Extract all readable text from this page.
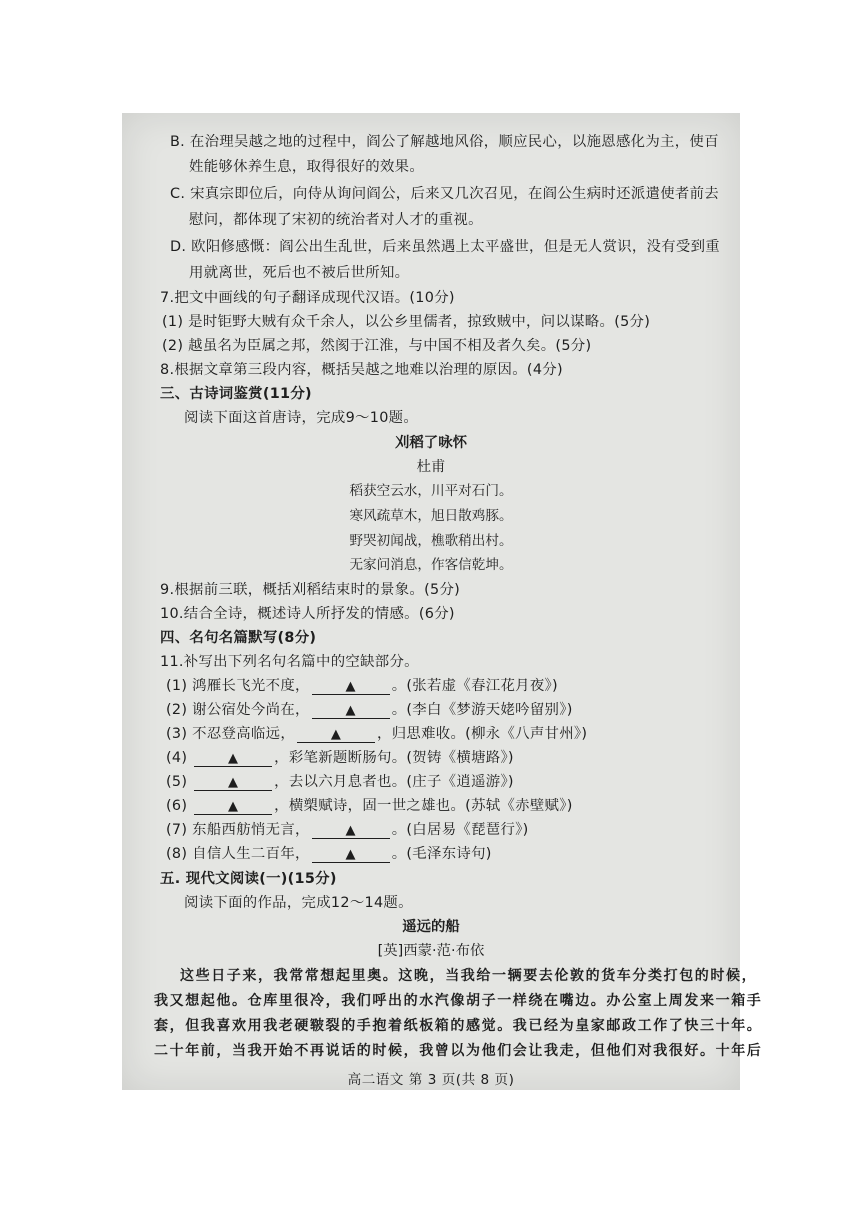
B. 在治理吴越之地的过程中，阎公了解越地风俗，顺应民心，以施恩感化为主，使百
姓能够休养生息，取得很好的效果。
C. 宋真宗即位后，向侍从询问阎公，后来又几次召见，在阎公生病时还派遣使者前去
慰问，都体现了宋初的统治者对人才的重视。
D. 欧阳修感慨：阎公出生乱世，后来虽然遇上太平盛世，但是无人赏识，没有受到重
用就离世，死后也不被后世所知。
7.把文中画线的句子翻译成现代汉语。(10分)
(1) 是时钜野大贼有众千余人，以公乡里儒者，掠致贼中，问以谋略。(5分)
(2) 越虽名为臣属之邦，然阂于江淮，与中国不相及者久矣。(5分)
8.根据文章第三段内容，概括吴越之地难以治理的原因。(4分)
三、古诗词鉴赏(11分)
阅读下面这首唐诗，完成9～10题。
刈稻了咏怀
杜甫
稻获空云水，川平对石门。
寒风疏草木，旭日散鸡豚。
野哭初闻战，樵歌稍出村。
无家问消息，作客信乾坤。
9.根据前三联，概括刈稻结束时的景象。(5分)
10.结合全诗，概述诗人所抒发的情感。(6分)
四、名句名篇默写(8分)
11.补写出下列名句名篇中的空缺部分。
(1) 鸿雁长飞光不度，	▲ 。(张若虚《春江花月夜》)
(2) 谢公宿处今尚在，	▲ 。(李白《梦游天姥吟留别》)
(3) 不忍登高临远，	▲ ，归思难收。(柳永《八声甘州》)
(4)	▲ ，彩笔新题断肠句。(贺铸《横塘路》)
(5)	▲ ，去以六月息者也。(庄子《逍遥游》)
(6)	▲ ，横槊赋诗，固一世之雄也。(苏轼《赤壁赋》)
(7) 东船西舫悄无言，	▲ 。(白居易《琵琶行》)
(8) 自信人生二百年，	▲ 。(毛泽东诗句)
五. 现代文阅读(一)(15分)
阅读下面的作品，完成12～14题。
遥远的船
[英]西蒙·范·布依
这些日子来，我常常想起里奥。这晚，当我给一辆要去伦敦的货车分类打包的时候，
我又想起他。仓库里很冷，我们呼出的水汽像胡子一样绕在嘴边。办公室上周发来一箱手
套，但我喜欢用我老硬皲裂的手抱着纸板箱的感觉。我已经为皇家邮政工作了快三十年。
二十年前，当我开始不再说话的时候，我曾以为他们会让我走，但他们对我很好。十年后
高二语文 第 3 页(共 8 页)
